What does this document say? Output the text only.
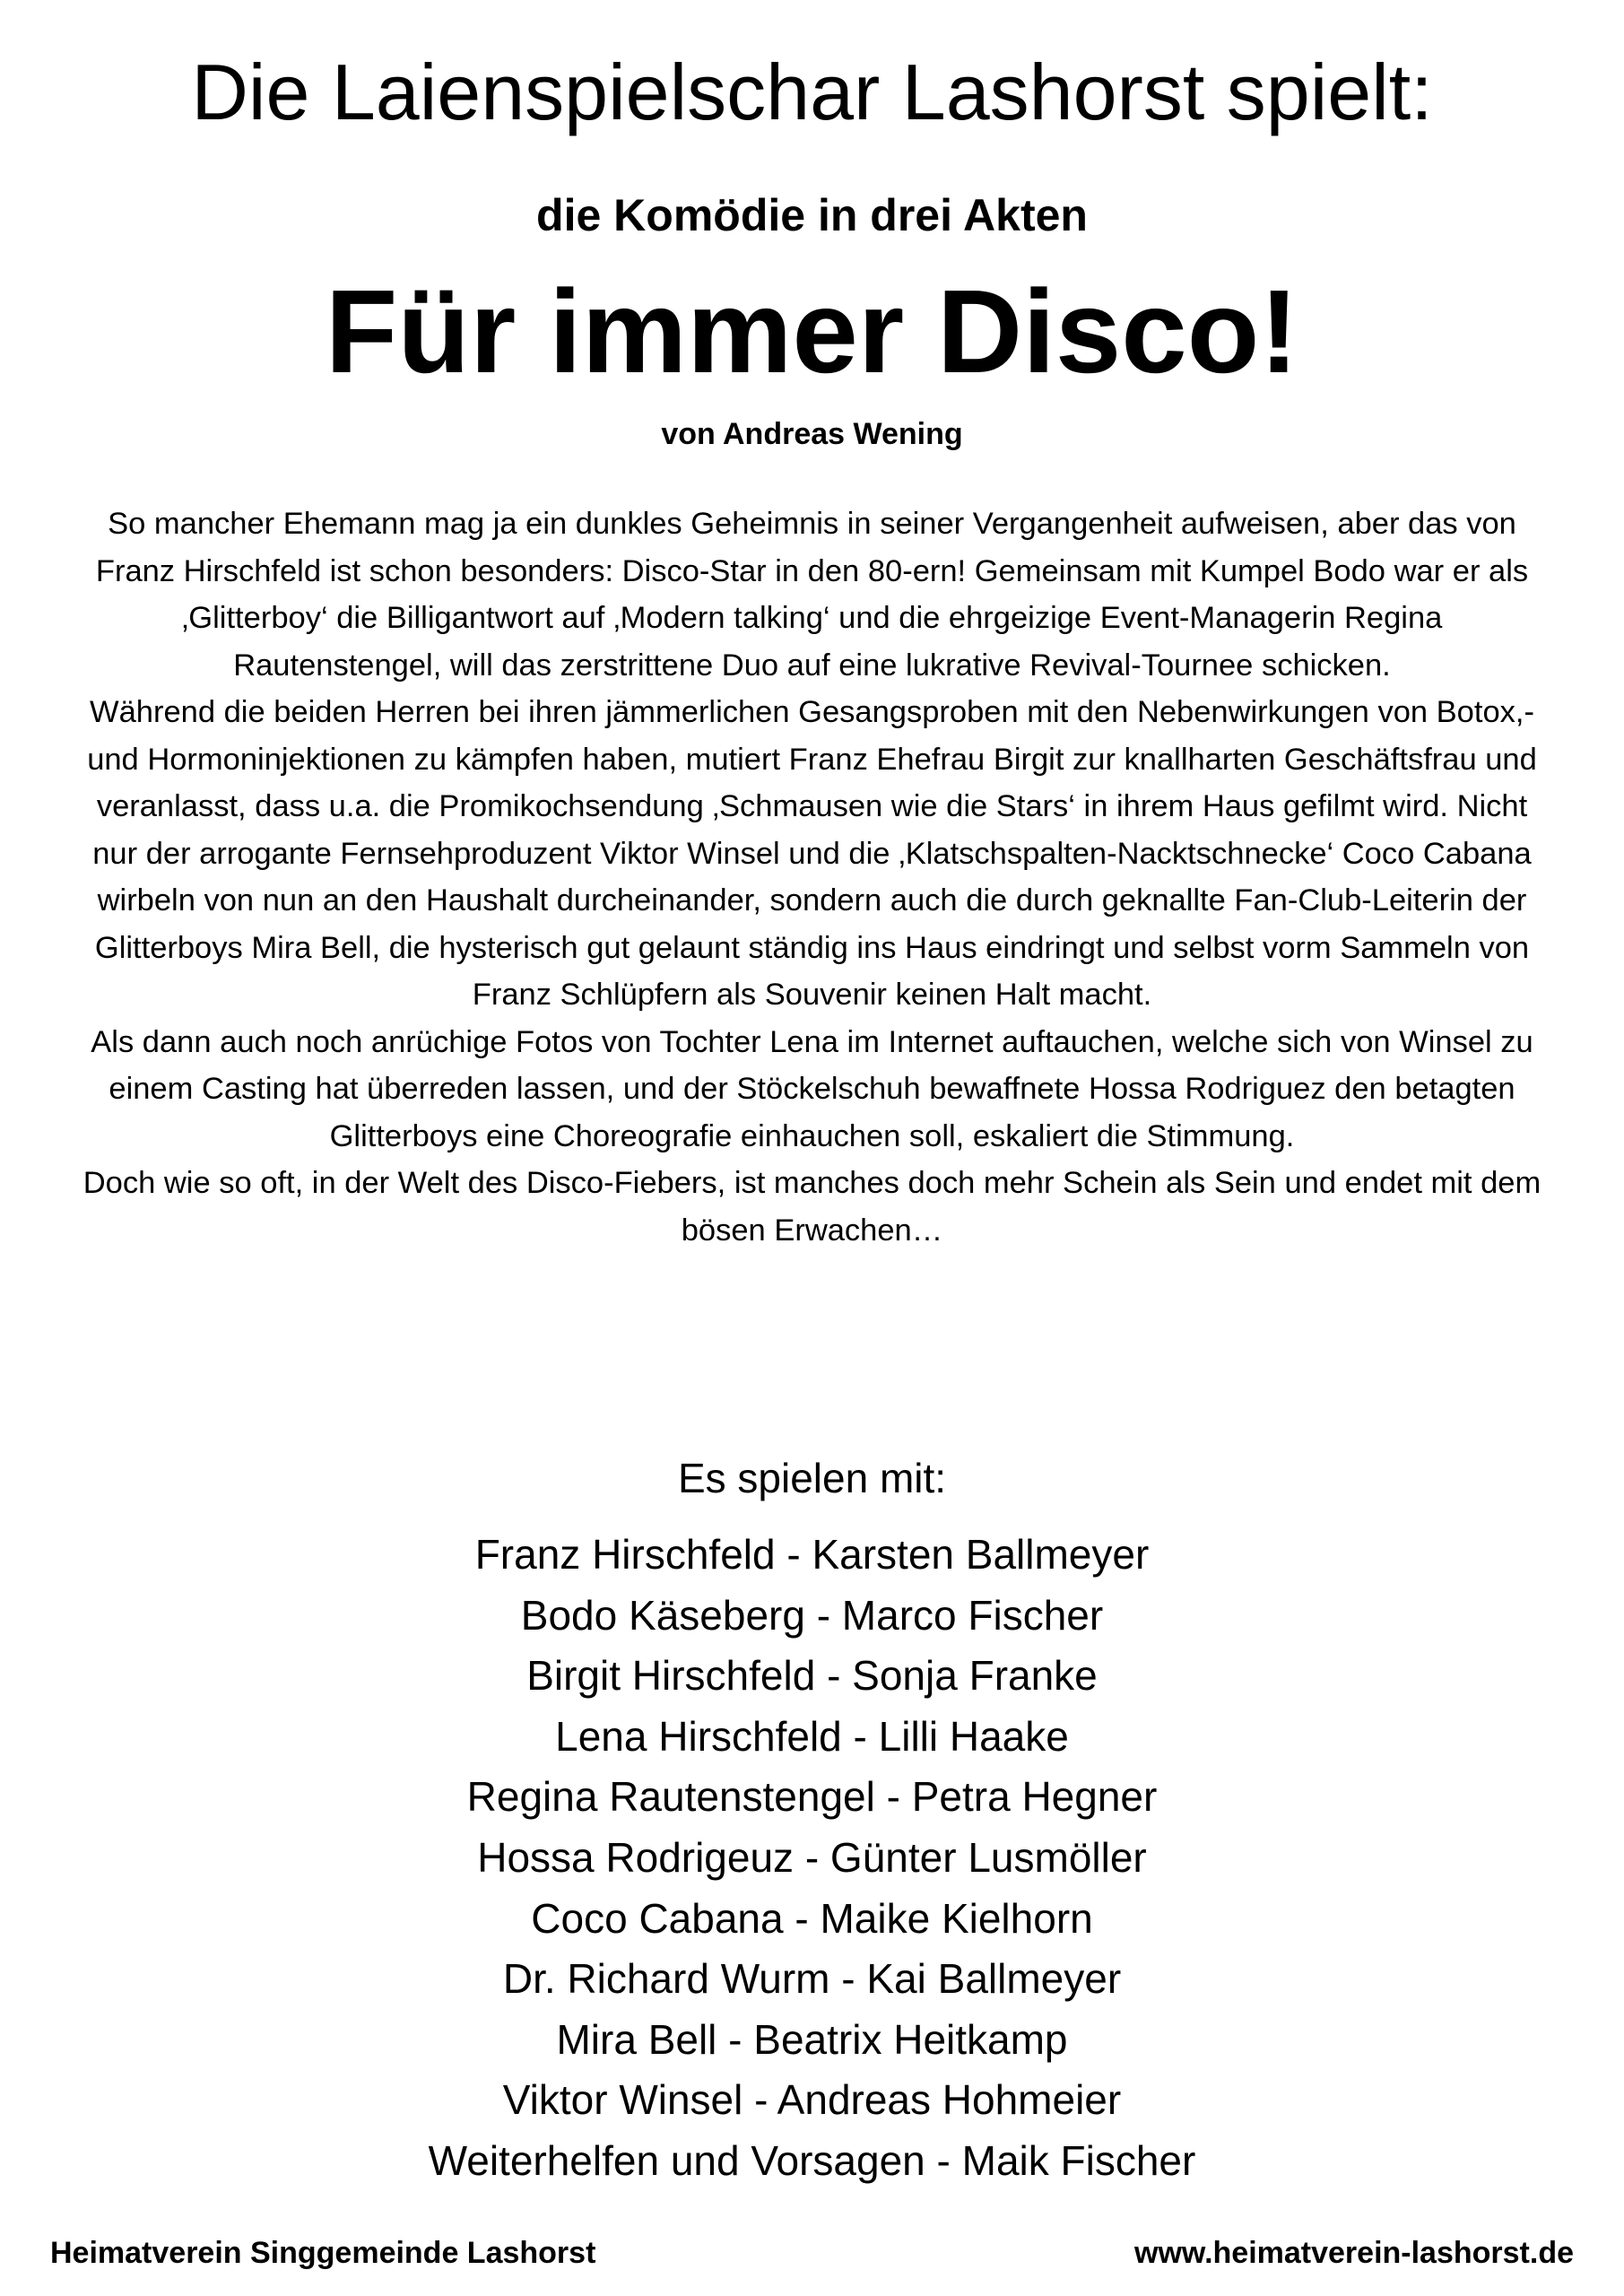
Die Laienspielschar Lashorst spielt:
die Komödie in drei Akten
Für immer Disco!
von Andreas Wening

So mancher Ehemann mag ja ein dunkles Geheimnis in seiner Vergangenheit aufweisen, aber das von Franz Hirschfeld ist schon besonders: Disco-Star in den 80-ern! Gemeinsam mit Kumpel Bodo war er als ‚Glitterboy‘ die Billigantwort auf ‚Modern talking‘ und die ehrgeizige Event-Managerin Regina Rautenstengel, will das zerstrittene Duo auf eine lukrative Revival-Tournee schicken.

Während die beiden Herren bei ihren jämmerlichen Gesangsproben mit den Nebenwirkungen von Botox,- und Hormoninjektionen zu kämpfen haben, mutiert Franz Ehefrau Birgit zur knallharten Geschäftsfrau und veranlasst, dass u.a. die Promikochsendung ‚Schmausen wie die Stars‘ in ihrem Haus gefilmt wird. Nicht nur der arrogante Fernsehproduzent Viktor Winsel und die ‚Klatschspalten-Nacktschnecke‘ Coco Cabana wirbeln von nun an den Haushalt durcheinander, sondern auch die durch geknallte Fan-Club-Leiterin der Glitterboys Mira Bell, die hysterisch gut gelaunt ständig ins Haus eindringt und selbst vorm Sammeln von Franz Schlüpfern als Souvenir keinen Halt macht.

Als dann auch noch anrüchige Fotos von Tochter Lena im Internet auftauchen, welche sich von Winsel zu einem Casting hat überreden lassen, und der Stöckelschuh bewaffnete Hossa Rodriguez den betagten Glitterboys eine Choreografie einhauchen soll, eskaliert die Stimmung.

Doch wie so oft, in der Welt des Disco-Fiebers, ist manches doch mehr Schein als Sein und endet mit dem bösen Erwachen…

Es spielen mit:
Franz Hirschfeld - Karsten Ballmeyer
Bodo Käseberg - Marco Fischer
Birgit Hirschfeld - Sonja Franke
Lena Hirschfeld - Lilli Haake
Regina Rautenstengel - Petra Hegner
Hossa Rodrigeuz - Günter Lusmöller
Coco Cabana - Maike Kielhorn
Dr. Richard Wurm - Kai Ballmeyer
Mira Bell - Beatrix Heitkamp
Viktor Winsel - Andreas Hohmeier
Weiterhelfen und Vorsagen - Maik Fischer
Heimatverein Singgemeinde Lashorst	www.heimatverein-lashorst.de
